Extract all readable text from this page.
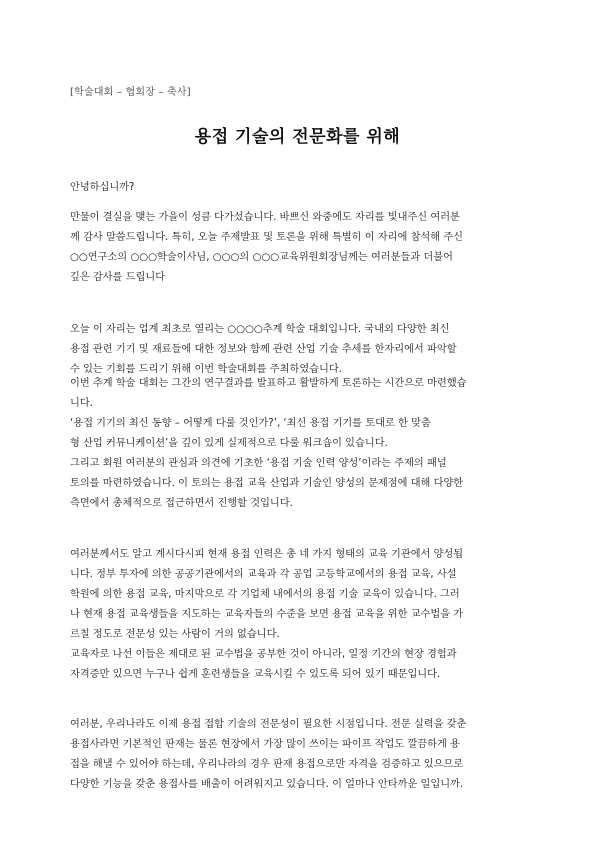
[학술대회 – 협회장 – 축사]
용접 기술의 전문화를 위해
안녕하십니까?
만물이 결실을 맺는 가을이 성큼 다가섰습니다. 바쁘신 와중에도 자리를 빛내주신 여러분
께 감사 말씀드립니다. 특히, 오늘 주제발표 및 토론을 위해 특별히 이 자리에 참석해 주신
○○연구소의 ○○○학술이사님, ○○○의 ○○○교육위원회장님께는 여러분들과 더불어
깊은 감사를 드립니다
오늘 이 자리는 업계 최초로 열리는 ○○○○추계 학술 대회입니다. 국내외 다양한 최신
용접 관련 기기 및 재료들에 대한 정보와 함께 관련 산업 기술 추세를 한자리에서 파악할
수 있는 기회를 드리기 위해 이번 학술대회를 주최하였습니다.
이번 추계 학술 대회는 그간의 연구결과를 발표하고 활발하게 토론하는 시간으로 마련했습
니다.
‘용접 기기의 최신 동향 – 어떻게 다룰 것인가?’, ‘최신 용접 기기를 토대로 한 맞춤
형 산업 커뮤니케이션’을 깊이 있게 실제적으로 다룰 워크숍이 있습니다.
그리고 회원 여러분의 관심과 의견에 기초한 ‘용접 기술 인력 양성’이라는 주제의 패널
토의를 마련하였습니다. 이 토의는 용접 교육 산업과 기술인 양성의 문제점에 대해 다양한
측면에서 총체적으로 접근하면서 진행할 것입니다.
여러분께서도 알고 계시다시피 현재 용접 인력은 총 네 가지 형태의 교육 기관에서 양성됩
니다. 정부 투자에 의한 공공기관에서의 교육과 각 공업 고등학교에서의 용접 교육, 사설
학원에 의한 용접 교육, 마지막으로 각 기업체 내에서의 용접 기술 교육이 있습니다. 그러
나 현재 용접 교육생들을 지도하는 교육자들의 수준을 보면 용접 교육을 위한 교수법을 가
르칠 정도로 전문성 있는 사람이 거의 없습니다.
교육자로 나선 이들은 제대로 된 교수법을 공부한 것이 아니라, 일정 기간의 현장 경험과
자격증만 있으면 누구나 쉽게 훈련생들을 교육시킬 수 있도록 되어 있기 때문입니다.
여러분, 우리나라도 이제 용접 접합 기술의 전문성이 필요한 시점입니다. 전문 실력을 갖춘
용접사라면 기본적인 판재는 물론 현장에서 가장 많이 쓰이는 파이프 작업도 깔끔하게 용
접을 해낼 수 있어야 하는데, 우리나라의 경우 판재 용접으로만 자격을 검증하고 있으므로
다양한 기능을 갖춘 용접사를 배출이 어려워지고 있습니다. 이 얼마나 안타까운 일입니까.
